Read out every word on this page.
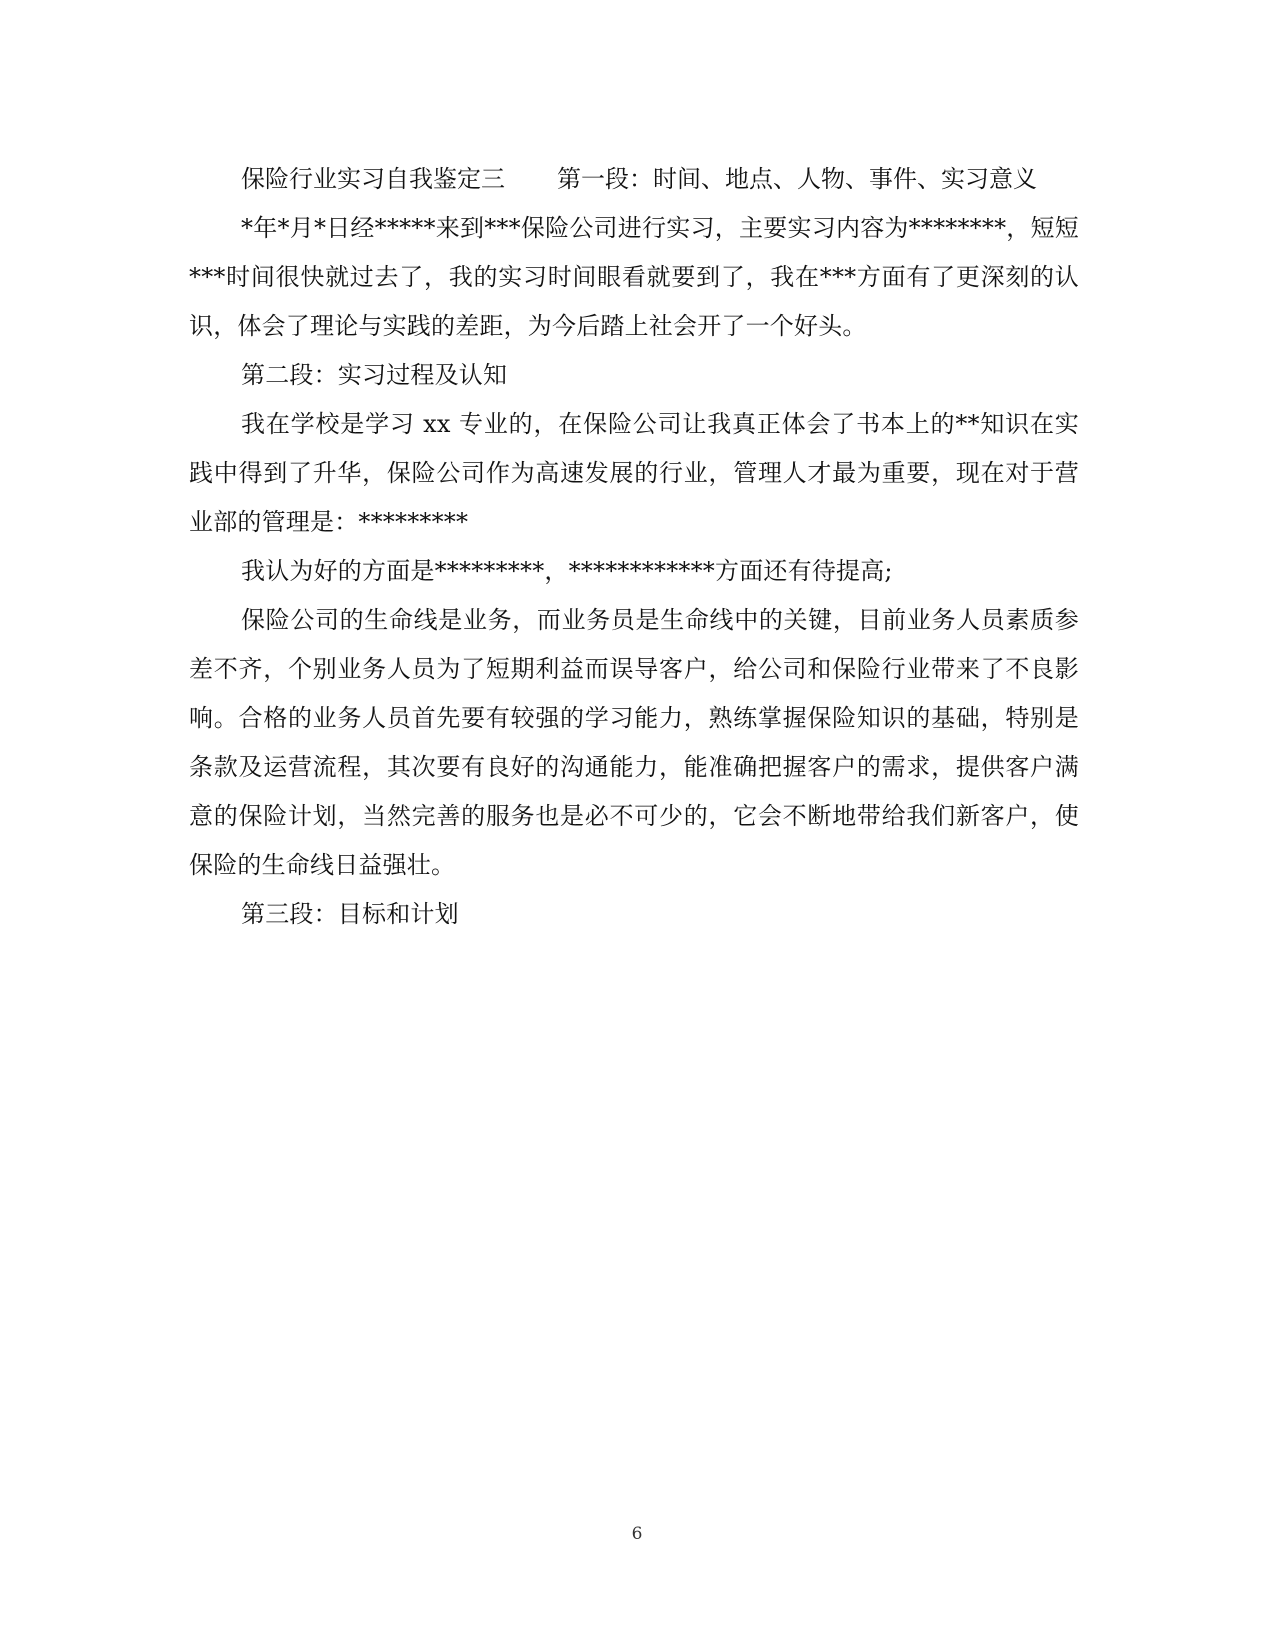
保险行业实习自我鉴定三 第一段：时间、地点、人物、事件、实习意义

*年*月*日经*****来到***保险公司进行实习，主要实习内容为********，短短***时间很快就过去了，我的实习时间眼看就要到了，我在***方面有了更深刻的认识，体会了理论与实践的差距，为今后踏上社会开了一个好头。

第二段：实习过程及认知

我在学校是学习 xx 专业的，在保险公司让我真正体会了书本上的**知识在实践中得到了升华，保险公司作为高速发展的行业，管理人才最为重要，现在对于营业部的管理是：*********

我认为好的方面是*********，************方面还有待提高;

保险公司的生命线是业务，而业务员是生命线中的关键，目前业务人员素质参差不齐，个别业务人员为了短期利益而误导客户，给公司和保险行业带来了不良影响。合格的业务人员首先要有较强的学习能力，熟练掌握保险知识的基础，特别是条款及运营流程，其次要有良好的沟通能力，能准确把握客户的需求，提供客户满意的保险计划，当然完善的服务也是必不可少的，它会不断地带给我们新客户，使保险的生命线日益强壮。

第三段：目标和计划

6
